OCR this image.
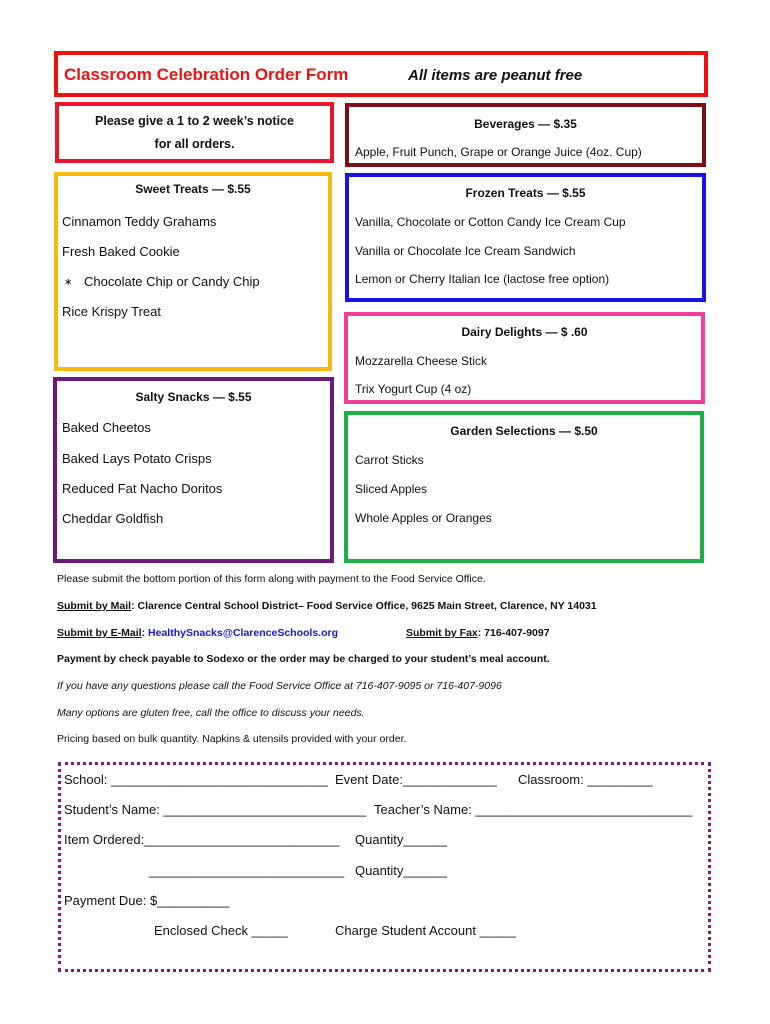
Classroom Celebration Order Form	All items are peanut free
Please give a 1 to 2 week’s notice
for all orders.
Beverages — $.35
Apple, Fruit Punch, Grape or Orange Juice (4oz. Cup)
Sweet Treats — $.55
Cinnamon Teddy Grahams
Fresh Baked Cookie
∗ Chocolate Chip or Candy Chip
Rice Krispy Treat
Frozen Treats — $.55
Vanilla, Chocolate or Cotton Candy Ice Cream Cup
Vanilla or Chocolate Ice Cream Sandwich
Lemon or Cherry Italian Ice (lactose free option)
Dairy Delights — $ .60
Mozzarella Cheese Stick
Trix Yogurt Cup (4 oz)
Salty Snacks — $.55
Baked Cheetos
Baked Lays Potato Crisps
Reduced Fat Nacho Doritos
Cheddar Goldfish
Garden Selections — $.50
Carrot Sticks
Sliced Apples
Whole Apples or Oranges
Please submit the bottom portion of this form along with payment to the Food Service Office.
Submit by Mail: Clarence Central School District– Food Service Office, 9625 Main Street, Clarence, NY 14031
Submit by E-Mail: HealthySnacks@ClarenceSchools.org	Submit by Fax: 716-407-9097
Payment by check payable to Sodexo or the order may be charged to your student’s meal account.
If you have any questions please call the Food Service Office at 716-407-9095 or 716-407-9096
Many options are gluten free, call the office to discuss your needs.
Pricing based on bulk quantity. Napkins & utensils provided with your order.
School: ______________________________ Event Date:_____________ Classroom: _________
Student’s Name: ____________________________ Teacher’s Name: ______________________________
Item Ordered:___________________________ Quantity______
___________________________ Quantity______
Payment Due: $__________
Enclosed Check _____	Charge Student Account _____
